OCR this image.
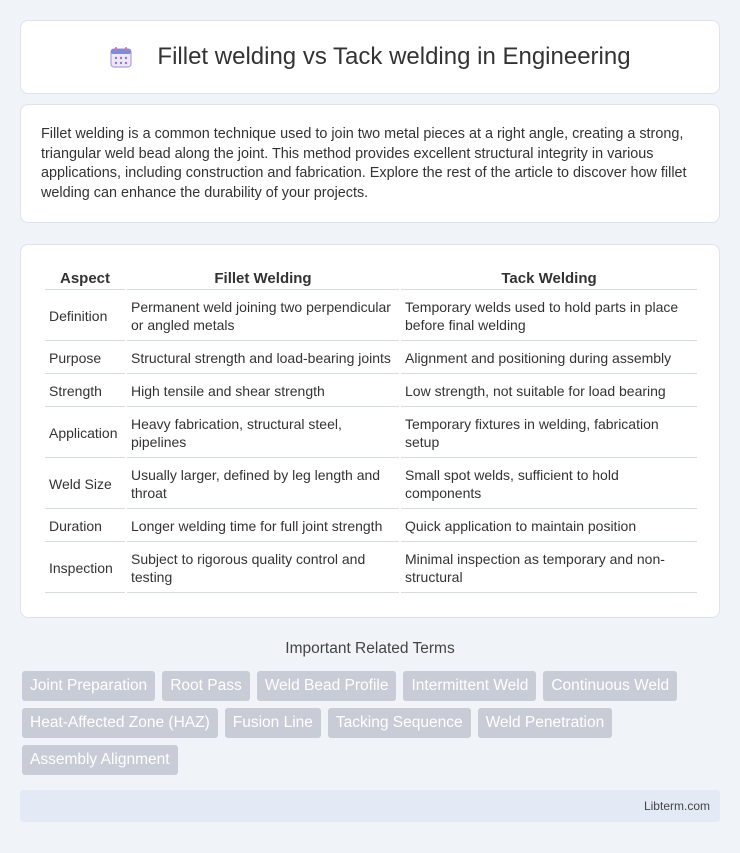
Fillet welding vs Tack welding in Engineering

Fillet welding is a common technique used to join two metal pieces at a right angle, creating a strong, triangular weld bead along the joint. This method provides excellent structural integrity in various applications, including construction and fabrication. Explore the rest of the article to discover how fillet welding can enhance the durability of your projects.

Aspect	Fillet Welding	Tack Welding
Definition	Permanent weld joining two perpendicular or angled metals	Temporary welds used to hold parts in place before final welding
Purpose	Structural strength and load-bearing joints	Alignment and positioning during assembly
Strength	High tensile and shear strength	Low strength, not suitable for load bearing
Application	Heavy fabrication, structural steel, pipelines	Temporary fixtures in welding, fabrication setup
Weld Size	Usually larger, defined by leg length and throat	Small spot welds, sufficient to hold components
Duration	Longer welding time for full joint strength	Quick application to maintain position
Inspection	Subject to rigorous quality control and testing	Minimal inspection as temporary and non-structural
Important Related Terms
Joint Preparation	Root Pass	Weld Bead Profile	Intermittent Weld	Continuous Weld
Heat-Affected Zone (HAZ)	Fusion Line	Tacking Sequence	Weld Penetration
Assembly Alignment
Libterm.com
